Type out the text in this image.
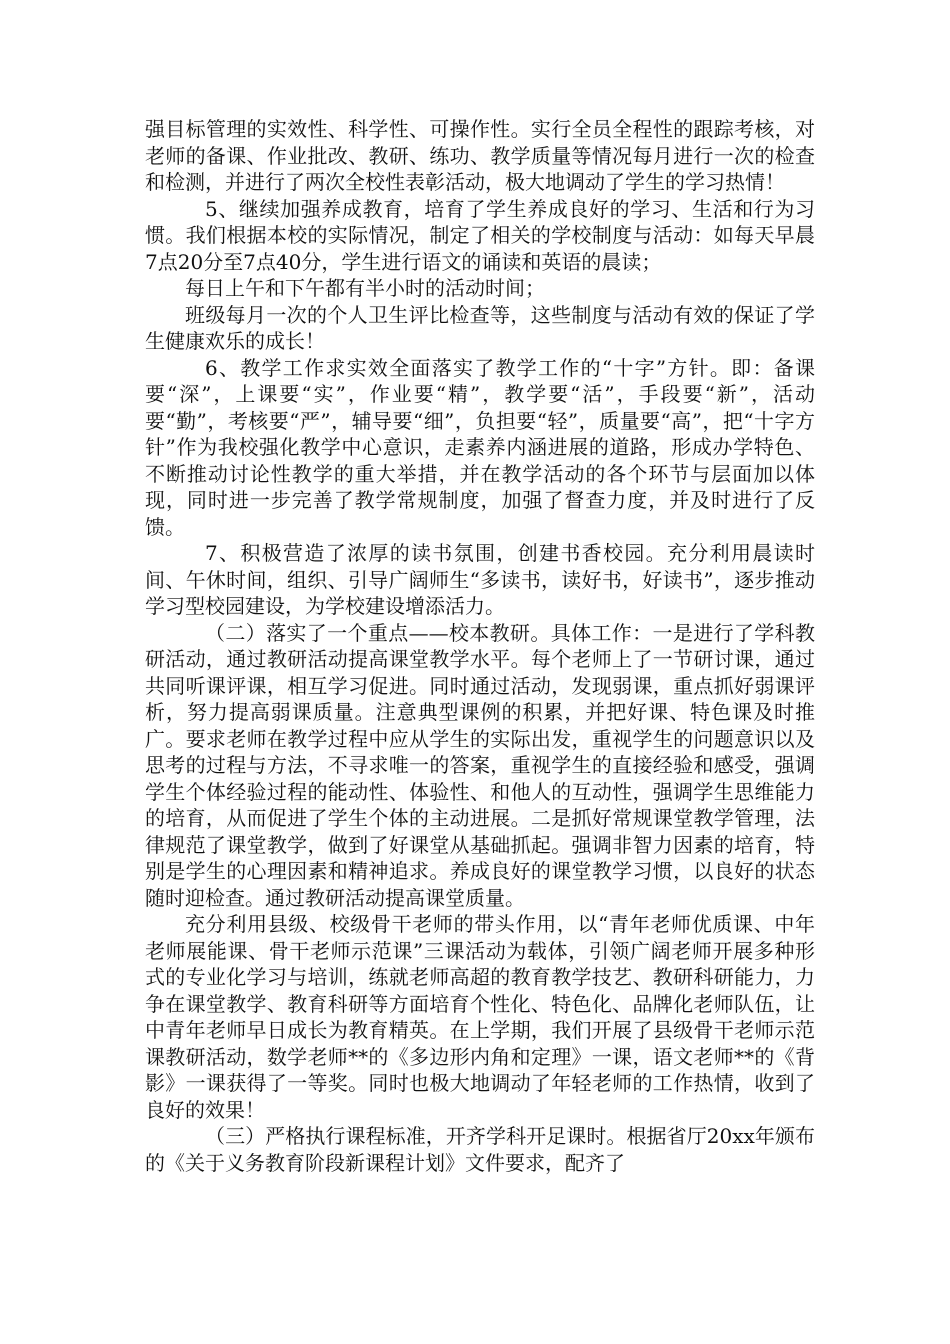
强目标管理的实效性、科学性、可操作性。实行全员全程性的跟踪考核，对老师的备课、作业批改、教研、练功、教学质量等情况每月进行一次的检查和检测，并进行了两次全校性表彰活动，极大地调动了学生的学习热情！

5、继续加强养成教育，培育了学生养成良好的学习、生活和行为习惯。我们根据本校的实际情况，制定了相关的学校制度与活动：如每天早晨7点20分至7点40分，学生进行语文的诵读和英语的晨读；

每日上午和下午都有半小时的活动时间；

班级每月一次的个人卫生评比检查等，这些制度与活动有效的保证了学生健康欢乐的成长！

6、教学工作求实效全面落实了教学工作的“十字”方针。即：备课要“深”，上课要“实”，作业要“精”，教学要“活”，手段要“新”，活动要“勤”，考核要“严”，辅导要“细”，负担要“轻”，质量要“高”，把“十字方针”作为我校强化教学中心意识，走素养内涵进展的道路，形成办学特色、不断推动讨论性教学的重大举措，并在教学活动的各个环节与层面加以体现，同时进一步完善了教学常规制度，加强了督查力度，并及时进行了反馈。

7、积极营造了浓厚的读书氛围，创建书香校园。充分利用晨读时间、午休时间，组织、引导广阔师生“多读书，读好书，好读书”，逐步推动学习型校园建设，为学校建设增添活力。

（二）落实了一个重点——校本教研。具体工作：一是进行了学科教研活动，通过教研活动提高课堂教学水平。每个老师上了一节研讨课，通过共同听课评课，相互学习促进。同时通过活动，发现弱课，重点抓好弱课评析，努力提高弱课质量。注意典型课例的积累，并把好课、特色课及时推广。要求老师在教学过程中应从学生的实际出发，重视学生的问题意识以及思考的过程与方法，不寻求唯一的答案，重视学生的直接经验和感受，强调学生个体经验过程的能动性、体验性、和他人的互动性，强调学生思维能力的培育，从而促进了学生个体的主动进展。二是抓好常规课堂教学管理，法律规范了课堂教学，做到了好课堂从基础抓起。强调非智力因素的培育，特别是学生的心理因素和精神追求。养成良好的课堂教学习惯，以良好的状态随时迎检查。通过教研活动提高课堂质量。

充分利用县级、校级骨干老师的带头作用，以“青年老师优质课、中年老师展能课、骨干老师示范课”三课活动为载体，引领广阔老师开展多种形式的专业化学习与培训，练就老师高超的教育教学技艺、教研科研能力，力争在课堂教学、教育科研等方面培育个性化、特色化、品牌化老师队伍，让中青年老师早日成长为教育精英。在上学期，我们开展了县级骨干老师示范课教研活动，数学老师**的《多边形内角和定理》一课，语文老师**的《背影》一课获得了一等奖。同时也极大地调动了年轻老师的工作热情，收到了良好的效果！

（三）严格执行课程标准，开齐学科开足课时。根据省厅20xx年颁布的《关于义务教育阶段新课程计划》文件要求，配齐了
